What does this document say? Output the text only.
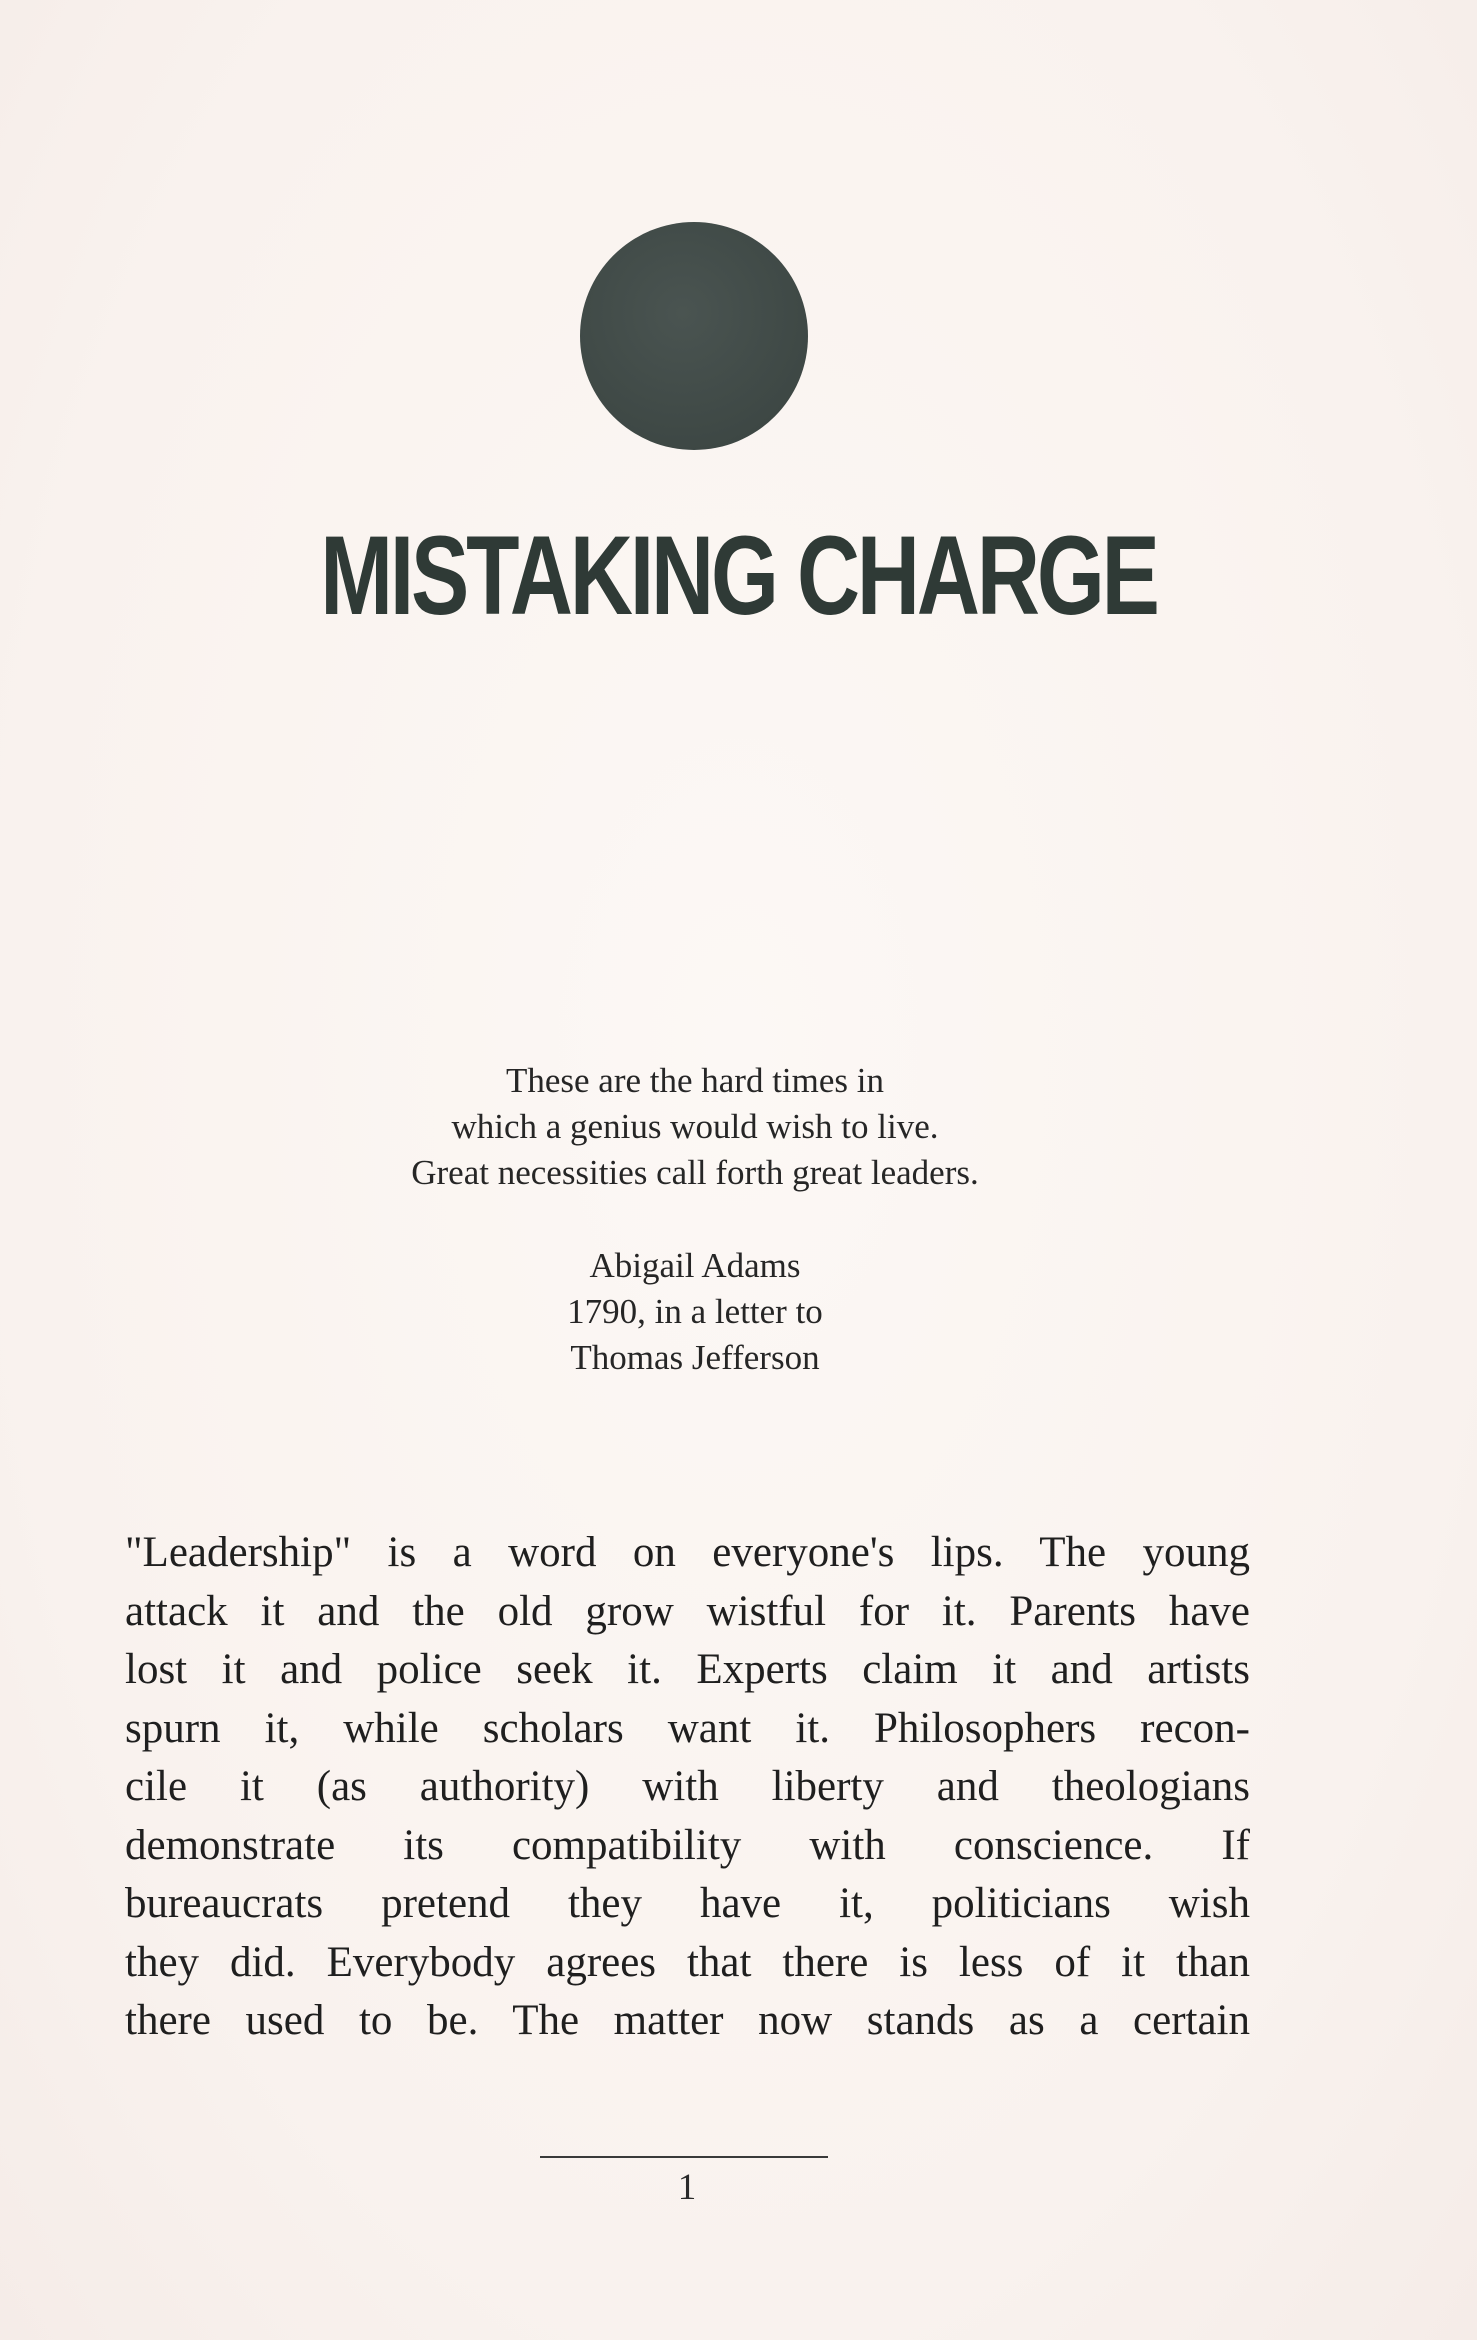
MISTAKING CHARGE
These are the hard times in
which a genius would wish to live.
Great necessities call forth great leaders.
Abigail Adams
1790, in a letter to
Thomas Jefferson
"Leadership" is a word on everyone's lips. The young
attack it and the old grow wistful for it. Parents have
lost it and police seek it. Experts claim it and artists
spurn it, while scholars want it. Philosophers recon-
cile it (as authority) with liberty and theologians
demonstrate its compatibility with conscience. If
bureaucrats pretend they have it, politicians wish
they did. Everybody agrees that there is less of it than
there used to be. The matter now stands as a certain
1
